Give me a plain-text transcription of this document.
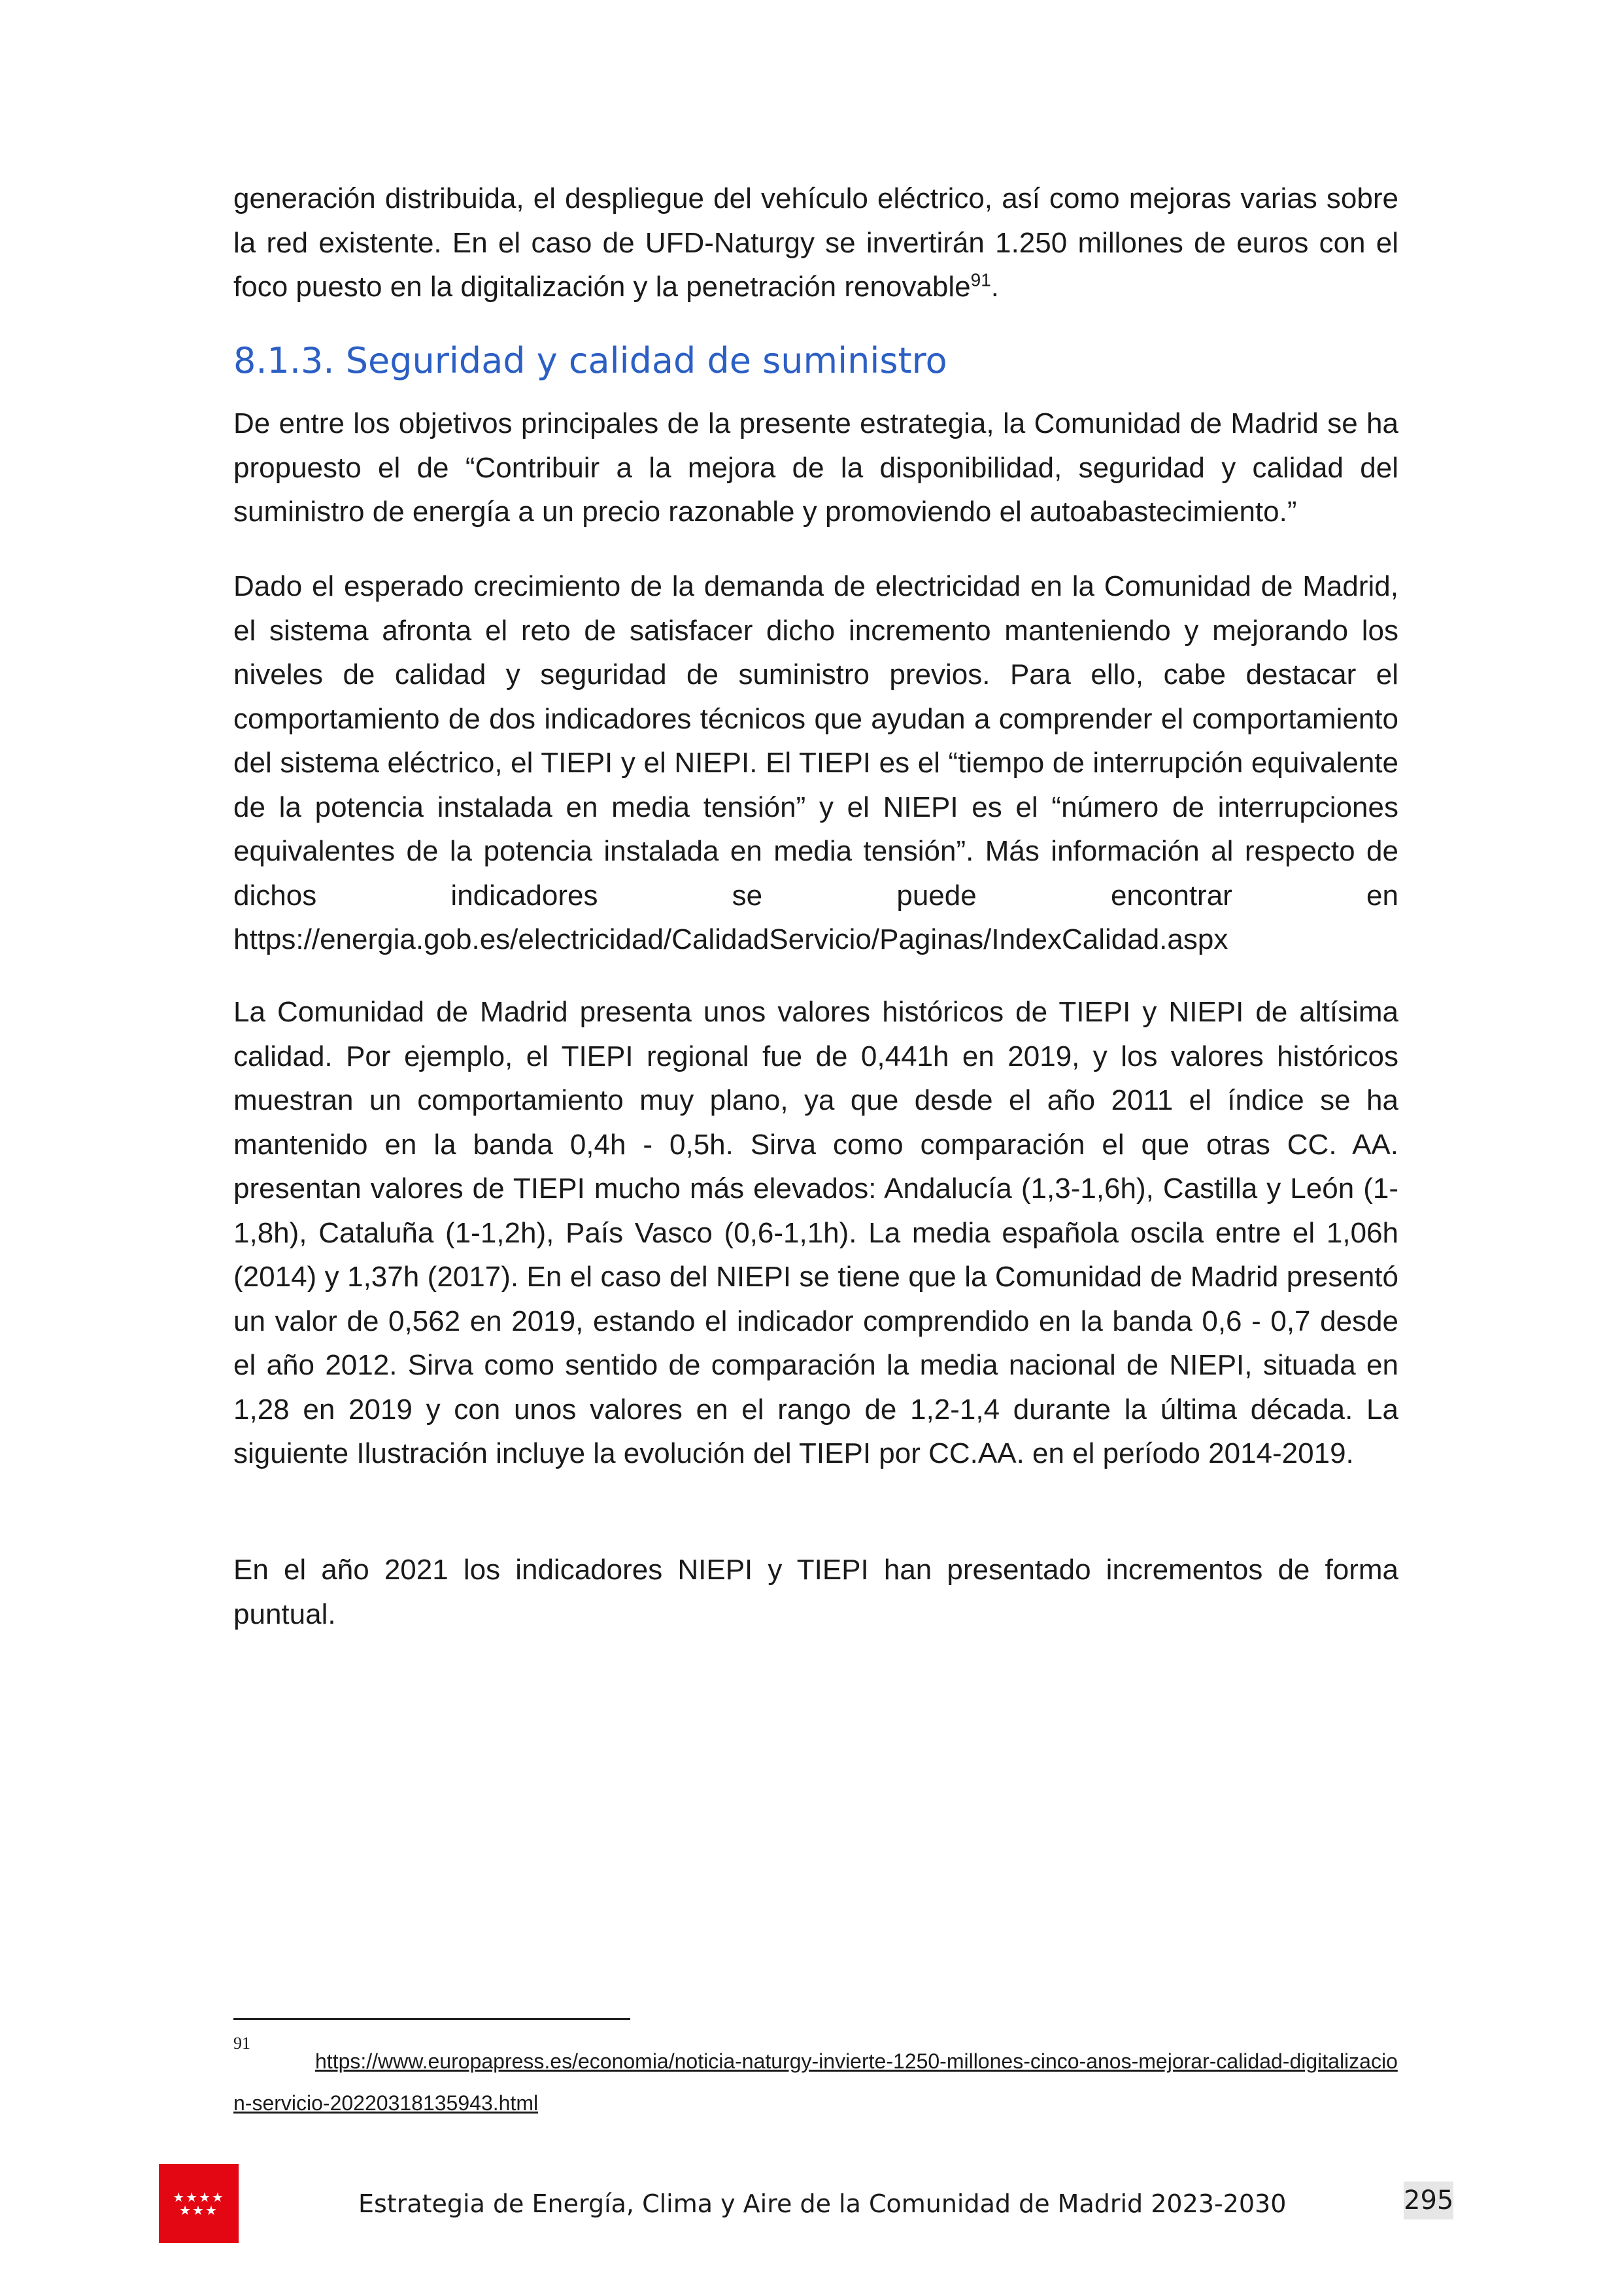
generación distribuida, el despliegue del vehículo eléctrico, así como mejoras varias sobre la red existente. En el caso de UFD-Naturgy se invertirán 1.250 millones de euros con el foco puesto en la digitalización y la penetración renovable$^{91}$.

8.1.3. Seguridad y calidad de suministro

De entre los objetivos principales de la presente estrategia, la Comunidad de Madrid se ha propuesto el de “Contribuir a la mejora de la disponibilidad, seguridad y calidad del suministro de energía a un precio razonable y promoviendo el autoabastecimiento.”

Dado el esperado crecimiento de la demanda de electricidad en la Comunidad de Madrid, el sistema afronta el reto de satisfacer dicho incremento manteniendo y mejorando los niveles de calidad y seguridad de suministro previos. Para ello, cabe destacar el comportamiento de dos indicadores técnicos que ayudan a comprender el comportamiento del sistema eléctrico, el TIEPI y el NIEPI. El TIEPI es el “tiempo de interrupción equivalente de la potencia instalada en media tensión” y el NIEPI es el “número de interrupciones equivalentes de la potencia instalada en media tensión”. Más información al respecto de dichos indicadores se puede encontrar en https://energia.gob.es/electricidad/CalidadServicio/Paginas/IndexCalidad.aspx

La Comunidad de Madrid presenta unos valores históricos de TIEPI y NIEPI de altísima calidad. Por ejemplo, el TIEPI regional fue de 0,441h en 2019, y los valores históricos muestran un comportamiento muy plano, ya que desde el año 2011 el índice se ha mantenido en la banda 0,4h - 0,5h. Sirva como comparación el que otras CC. AA. presentan valores de TIEPI mucho más elevados: Andalucía (1,3-1,6h), Castilla y León (1-1,8h), Cataluña (1-1,2h), País Vasco (0,6-1,1h). La media española oscila entre el 1,06h (2014) y 1,37h (2017). En el caso del NIEPI se tiene que la Comunidad de Madrid presentó un valor de 0,562 en 2019, estando el indicador comprendido en la banda 0,6 - 0,7 desde el año 2012. Sirva como sentido de comparación la media nacional de NIEPI, situada en 1,28 en 2019 y con unos valores en el rango de 1,2-1,4 durante la última década. La siguiente Ilustración incluye la evolución del TIEPI por CC.AA. en el período 2014-2019.

En el año 2021 los indicadores NIEPI y TIEPI han presentado incrementos de forma puntual.

91
https://www.europapress.es/economia/noticia-naturgy-invierte-1250-millones-cinco-anos-mejorar-calidad-digitalizacion-servicio-20220318135943.html
★★★★
★★★	Estrategia de Energía, Clima y Aire de la Comunidad de Madrid 2023-2030	295
